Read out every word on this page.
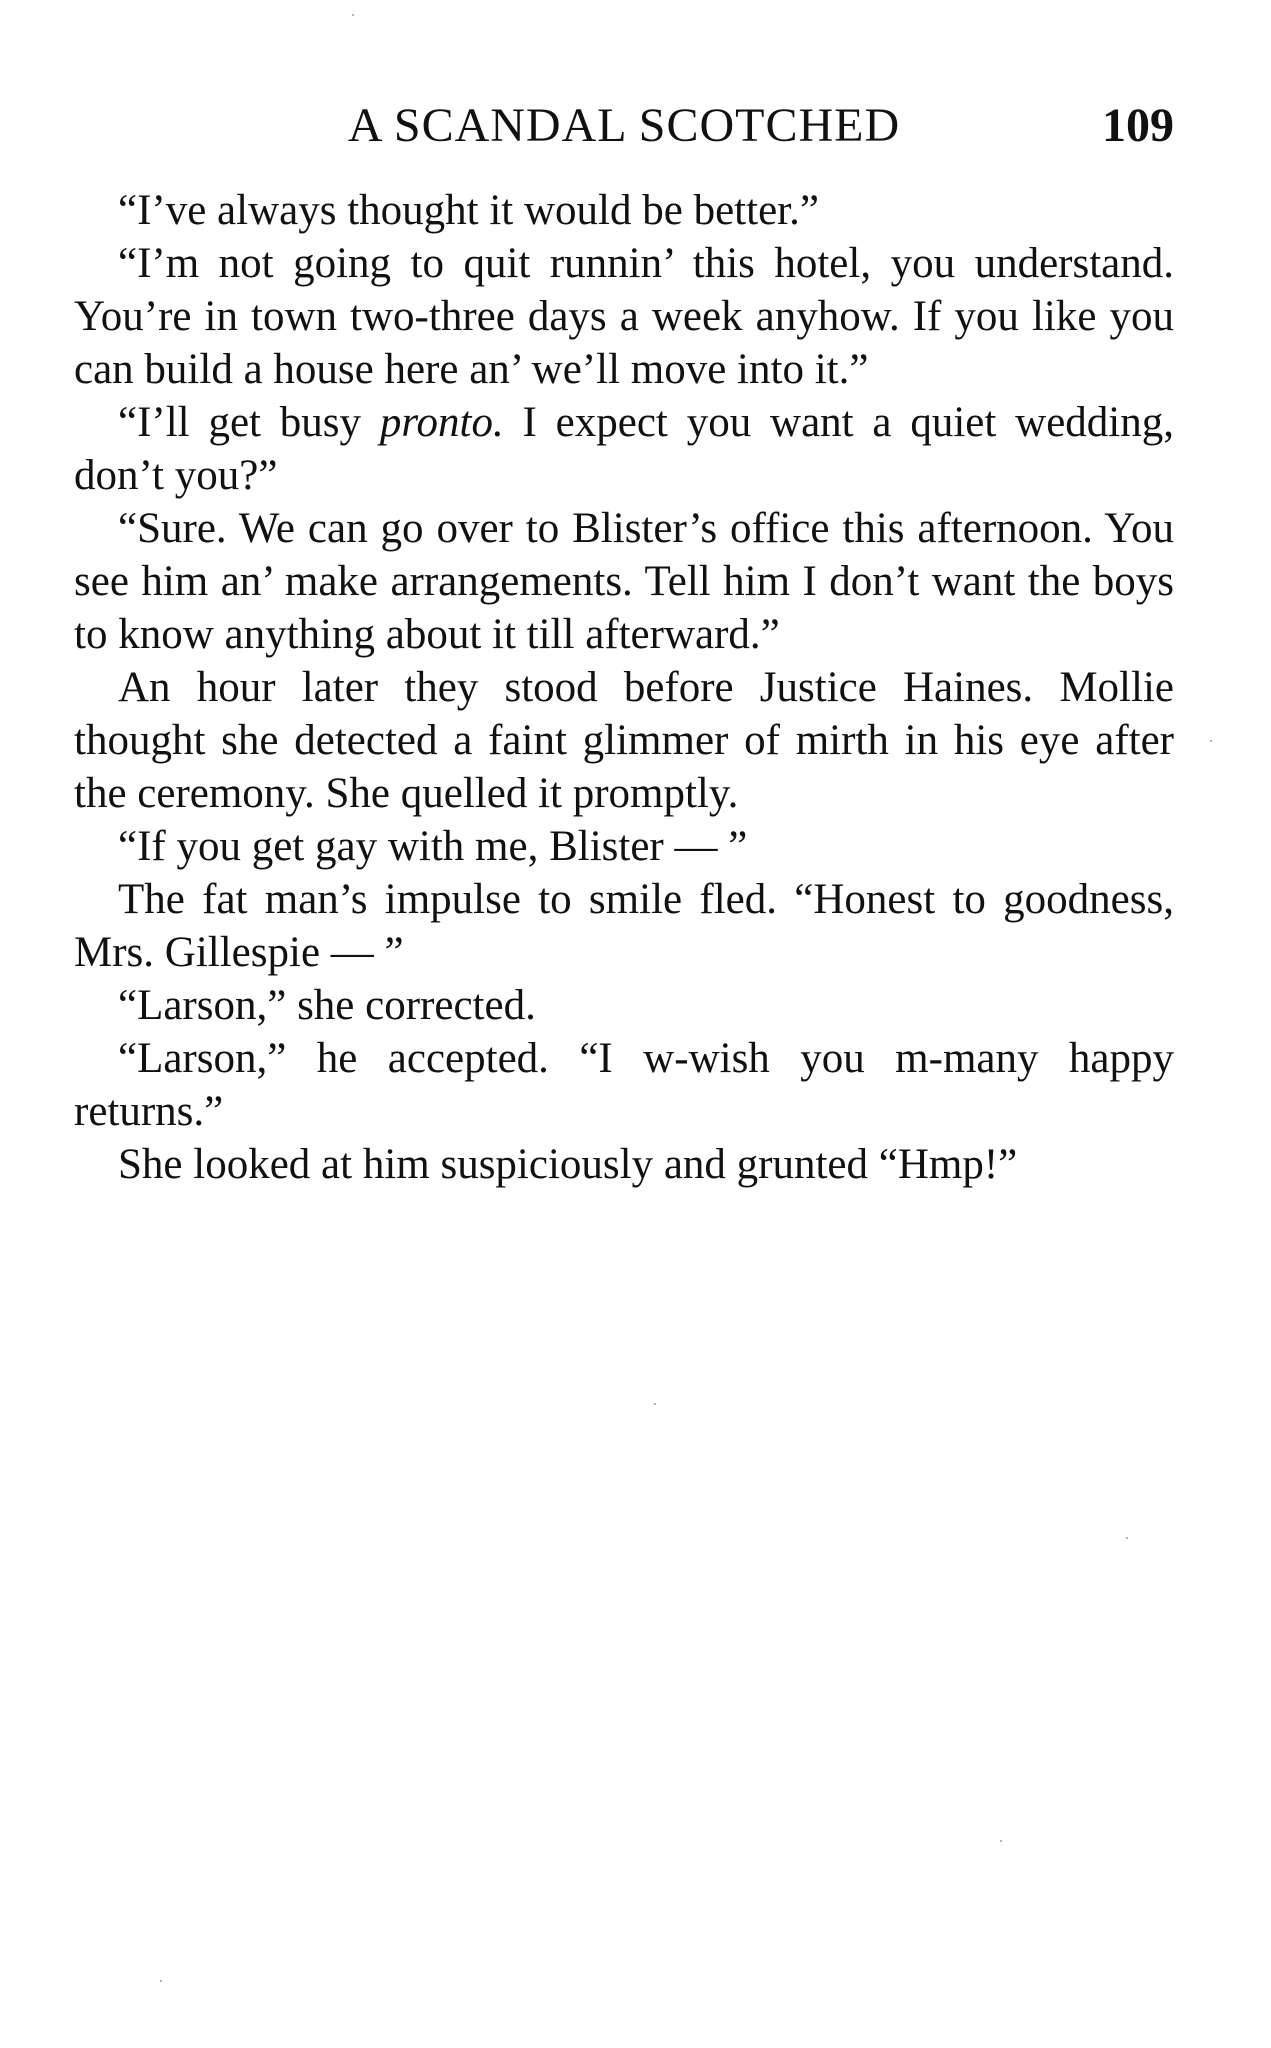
A SCANDAL SCOTCHED	109

“I’ve always thought it would be better.”

“I’m not going to quit runnin’ this hotel, you understand. You’re in town two-three days a week anyhow. If you like you can build a house here an’ we’ll move into it.”

“I’ll get busy pronto. I expect you want a quiet wedding, don’t you?”

“Sure. We can go over to Blister’s office this afternoon. You see him an’ make arrangements. Tell him I don’t want the boys to know anything about it till afterward.”

An hour later they stood before Justice Haines. Mollie thought she detected a faint glimmer of mirth in his eye after the ceremony. She quelled it promptly.

“If you get gay with me, Blister — ”

The fat man’s impulse to smile fled. “Honest to goodness, Mrs. Gillespie — ”

“Larson,” she corrected.

“Larson,” he accepted. “I w-wish you m-many happy returns.”

She looked at him suspiciously and grunted “Hmp!”
